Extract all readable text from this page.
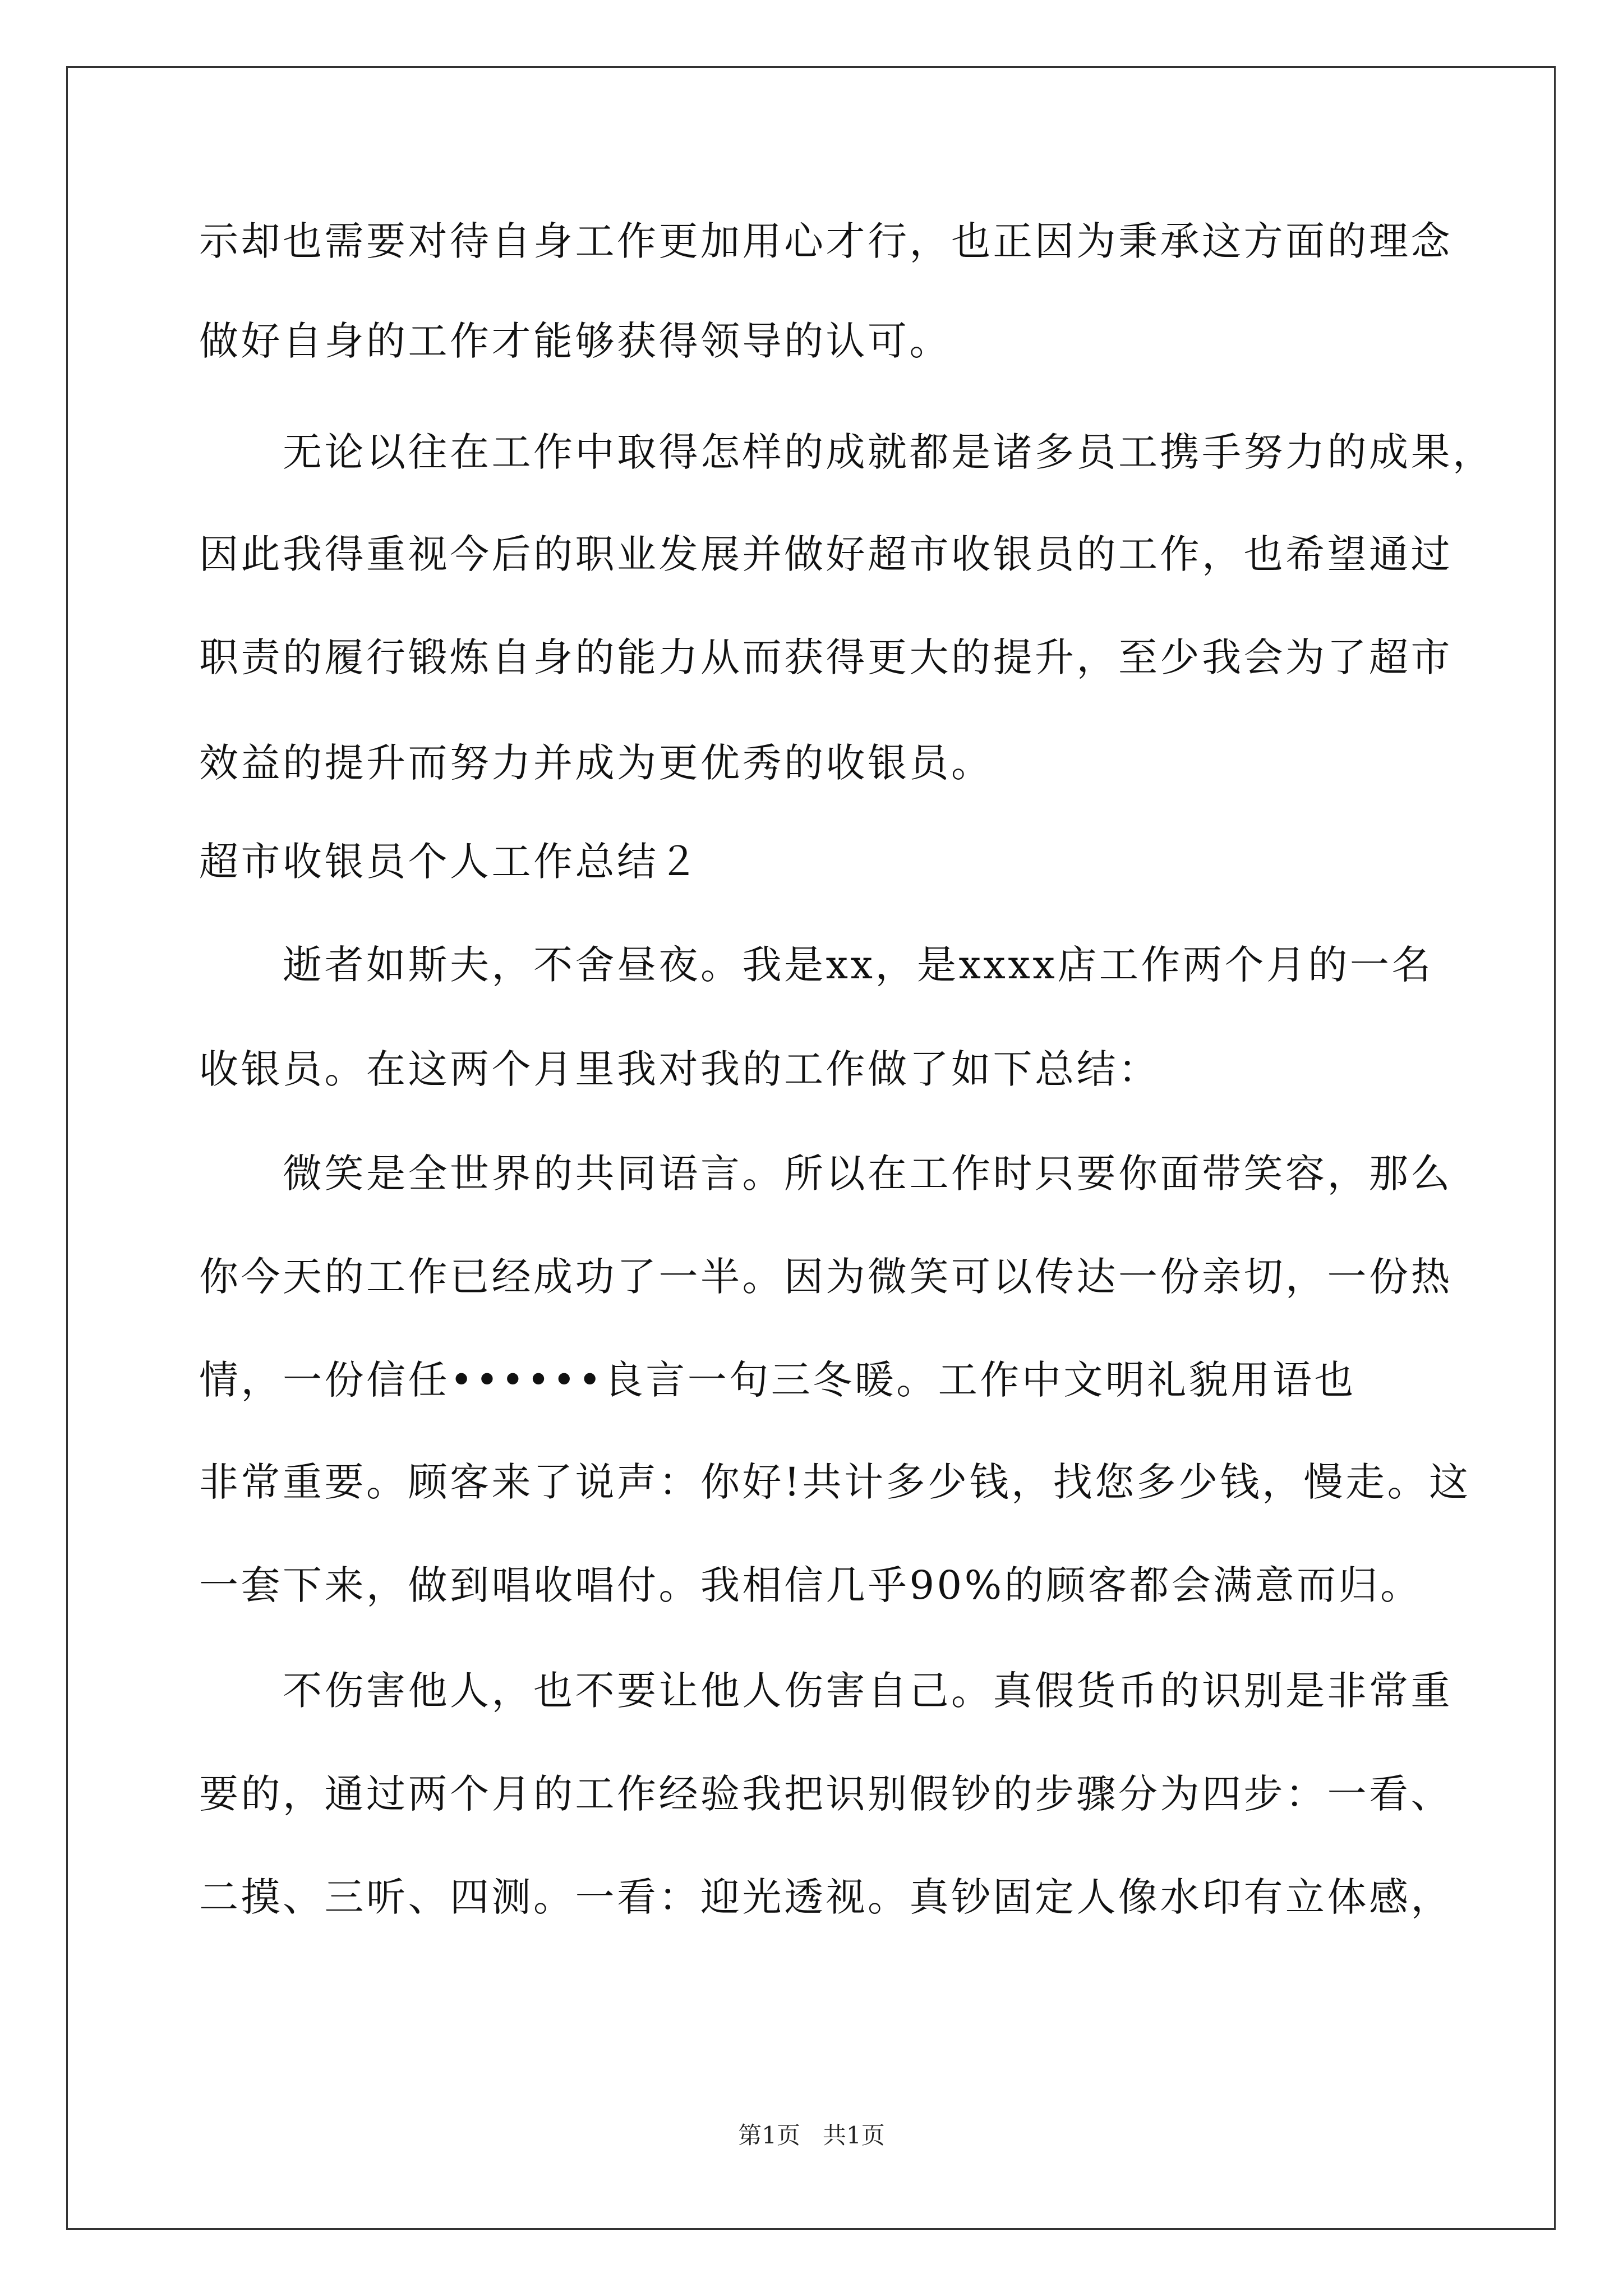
示却也需要对待自身工作更加用心才行，也正因为秉承这方面的理念
做好自身的工作才能够获得领导的认可。
　　无论以往在工作中取得怎样的成就都是诸多员工携手努力的成果，
因此我得重视今后的职业发展并做好超市收银员的工作，也希望通过
职责的履行锻炼自身的能力从而获得更大的提升，至少我会为了超市
效益的提升而努力并成为更优秀的收银员。
超市收银员个人工作总结２
　　逝者如斯夫，不舍昼夜。我是xx，是xxxx店工作两个月的一名
收银员。在这两个月里我对我的工作做了如下总结：
　　微笑是全世界的共同语言。所以在工作时只要你面带笑容，那么
你今天的工作已经成功了一半。因为微笑可以传达一份亲切，一份热
情，一份信任••••••良言一句三冬暖。工作中文明礼貌用语也
非常重要。顾客来了说声：你好!共计多少钱，找您多少钱，慢走。这
一套下来，做到唱收唱付。我相信几乎90%的顾客都会满意而归。
　　不伤害他人，也不要让他人伤害自己。真假货币的识别是非常重
要的，通过两个月的工作经验我把识别假钞的步骤分为四步：一看、
二摸、三听、四测。一看：迎光透视。真钞固定人像水印有立体感，
第1页 共1页
